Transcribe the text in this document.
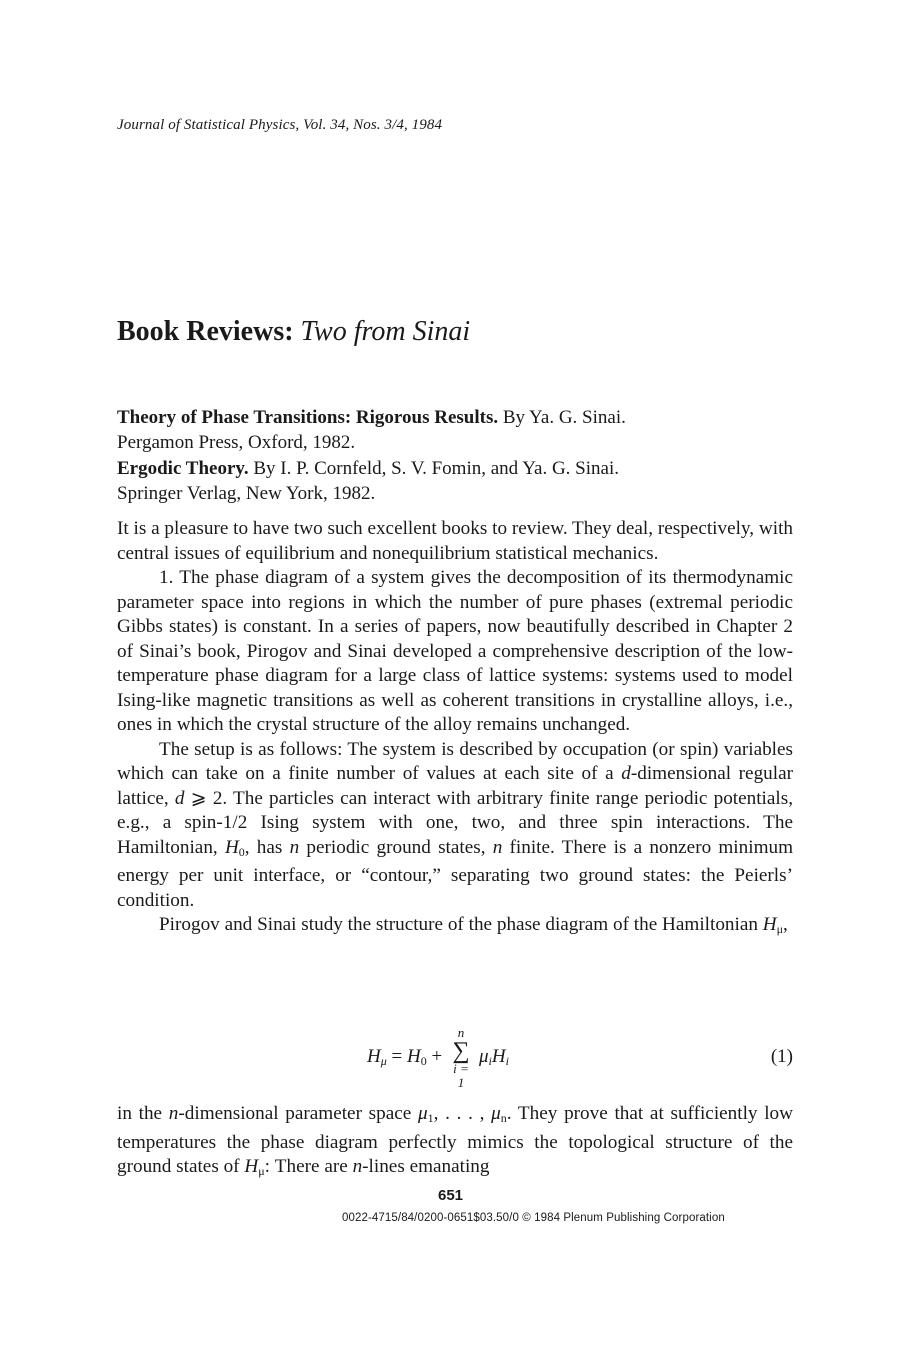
Journal of Statistical Physics, Vol. 34, Nos. 3/4, 1984
Book Reviews: Two from Sinai
Theory of Phase Transitions: Rigorous Results. By Ya. G. Sinai.
Pergamon Press, Oxford, 1982.
Ergodic Theory. By I. P. Cornfeld, S. V. Fomin, and Ya. G. Sinai.
Springer Verlag, New York, 1982.

It is a pleasure to have two such excellent books to review. They deal, respectively, with central issues of equilibrium and nonequilibrium statistical mechanics.

1. The phase diagram of a system gives the decomposition of its thermodynamic parameter space into regions in which the number of pure phases (extremal periodic Gibbs states) is constant. In a series of papers, now beautifully described in Chapter 2 of Sinai’s book, Pirogov and Sinai developed a comprehensive description of the low-temperature phase diagram for a large class of lattice systems: systems used to model Ising-like magnetic transitions as well as coherent transitions in crystalline alloys, i.e., ones in which the crystal structure of the alloy remains unchanged.

The setup is as follows: The system is described by occupation (or spin) variables which can take on a finite number of values at each site of a d-dimensional regular lattice, d ⩾ 2. The particles can interact with arbitrary finite range periodic potentials, e.g., a spin-1/2 Ising system with one, two, and three spin interactions. The Hamiltonian, $H_0$, has n periodic ground states, n finite. There is a nonzero minimum energy per unit interface, or “contour,” separating two ground states: the Peierls’ condition.

Pirogov and Sinai study the structure of the phase diagram of the Hamiltonian $H_\mu$,

$H_\mu = H_0$ +
n
∑
i = 1
$\mu_iH_i$	(1)

in the n-dimensional parameter space $\mu_1$, . . . , $\mu_n$. They prove that at sufficiently low temperatures the phase diagram perfectly mimics the topological structure of the ground states of $H_\mu$: There are n-lines emanating

651
0022-4715/84/0200-0651$03.50/0 © 1984 Plenum Publishing Corporation
